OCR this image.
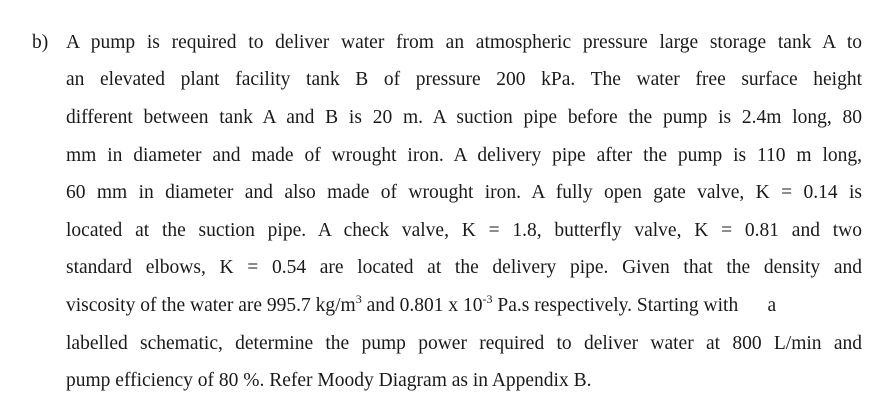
b) A pump is required to deliver water from an atmospheric pressure large storage tank A to
an elevated plant facility tank B of pressure 200 kPa. The water free surface height
different between tank A and B is 20 m. A suction pipe before the pump is 2.4m long, 80
mm in diameter and made of wrought iron. A delivery pipe after the pump is 110 m long,
60 mm in diameter and also made of wrought iron. A fully open gate valve, K = 0.14 is
located at the suction pipe. A check valve, K = 1.8, butterfly valve, K = 0.81 and two
standard elbows, K = 0.54 are located at the delivery pipe. Given that the density and
viscosity of the water are 995.7 $kg/m^3$ and 0.801 x $10^{-3}$ Pa.s respectively. Starting with      a
labelled schematic, determine the pump power required to deliver water at 800 L/min and
pump efficiency of 80 %. Refer Moody Diagram as in Appendix B.
